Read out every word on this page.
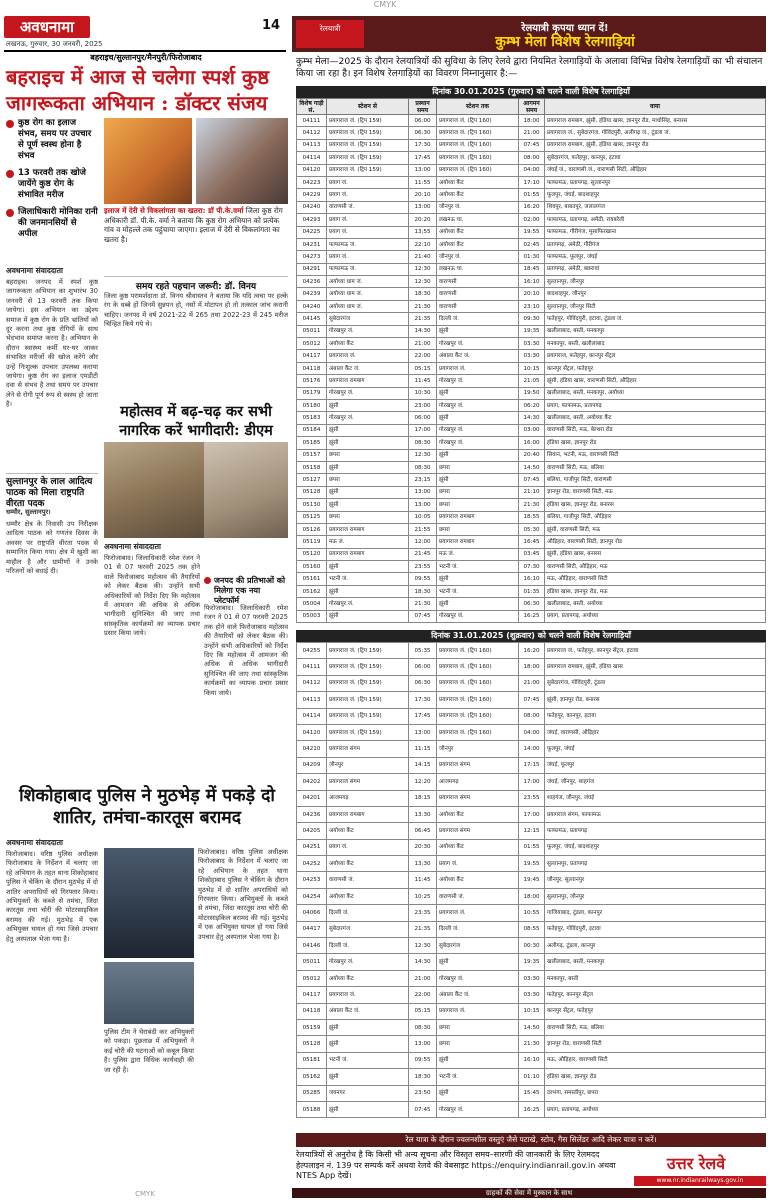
CMYK
अवधनामा
लखनऊ, गुरुवार, 30 जनवरी, 2025
14
बहराइच/सुल्तानपुर/मैनपुरी/फिरोजाबाद
बहराइच में आज से चलेगा स्पर्श कुष्ठ जागरूकता अभियान : डॉक्टर संजय
कुष्ठ रोग का इलाज संभव, समय पर उपचार से पूर्ण स्वस्थ होना है संभव
13 फरवरी तक खोजे जायेंगे कुष्ठ रोग के संभावित मरीज
जिलाधिकारी मोनिका रानी की जनमानसियों से अपील
इलाज में देरी से विकलांगता का खतरा: डॉ पी.के.वर्मा जिला कुष्ठ रोग अधिकारी डॉ. पी.के. वर्मा ने बताया कि कुष्ठ रोग अभियान को प्रत्येक गांव व मोहल्ले तक पहुंचाया जाएगा। इलाज में देरी से विकलांगता का खतरा है।
अवधनामा संवाददाता
बहराइच। जनपद में स्पर्श कुष्ठ जागरूकता अभियान का शुभारंभ 30 जनवरी से 13 फरवरी तक किया जायेगा। इस अभियान का उद्देश्य समाज में कुष्ठ रोग के प्रति भ्रांतियों को दूर करना तथा कुष्ठ रोगियों के साथ भेदभाव समाप्त करना है। अभियान के दौरान स्वास्थ्य कर्मी घर-घर जाकर संभावित मरीजों की खोज करेंगे और उन्हें निःशुल्क उपचार उपलब्ध कराया जायेगा। कुष्ठ रोग का इलाज एमडीटी दवा से संभव है तथा समय पर उपचार लेने से रोगी पूर्ण रूप से स्वस्थ हो जाता है।
समय रहते पहचान जरूरी: डॉ. विनय
जिला कुष्ठ परामर्शदाता डॉ. विनय श्रीवास्तव ने बताया कि यदि त्वचा पर हल्के रंग के धब्बे हों जिनमें सुन्नपन हो, नसों में मोटापन हो तो तत्काल जांच करानी चाहिए। जनपद में वर्ष 2021-22 में 265 तथा 2022-23 में 245 मरीज चिन्हित किये गये थे।
सुल्तानपुर के लाल आदित्य पाठक को मिला राष्ट्रपति वीरता पदक
धम्मौर, सुल्तानपुर।
धम्मौर क्षेत्र के निवासी उप निरीक्षक आदित्य पाठक को गणतंत्र दिवस के अवसर पर राष्ट्रपति वीरता पदक से सम्मानित किया गया। क्षेत्र में खुशी का माहौल है और ग्रामीणों ने उनके परिजनों को बधाई दी।
महोत्सव में बढ़-चढ़ कर सभी नागरिक करें भागीदारी: डीएम
अवधनामा संवाददाता
फिरोजाबाद। जिलाधिकारी रमेश रंजन ने 01 से 07 फरवरी 2025 तक होने वाले फिरोजाबाद महोत्सव की तैयारियों को लेकर बैठक की। उन्होंने सभी अधिकारियों को निर्देश दिए कि महोत्सव में आमजन की अधिक से अधिक भागीदारी सुनिश्चित की जाए तथा सांस्कृतिक कार्यक्रमों का व्यापक प्रचार प्रसार किया जाये।
जनपद की प्रतिभाओं को मिलेगा एक नया प्लेटफॉर्म
फिरोजाबाद। जिलाधिकारी रमेश रंजन ने 01 से 07 फरवरी 2025 तक होने वाले फिरोजाबाद महोत्सव की तैयारियों को लेकर बैठक की। उन्होंने सभी अधिकारियों को निर्देश दिए कि महोत्सव में आमजन की अधिक से अधिक भागीदारी सुनिश्चित की जाए तथा सांस्कृतिक कार्यक्रमों का व्यापक प्रचार प्रसार किया जाये।
शिकोहाबाद पुलिस ने मुठभेड़ में पकड़े दो शातिर, तमंचा-कारतूस बरामद
अवधनामा संवाददाता
फिरोजाबाद। वरिष्ठ पुलिस अधीक्षक फिरोजाबाद के निर्देशन में चलाए जा रहे अभियान के तहत थाना शिकोहाबाद पुलिस ने चेकिंग के दौरान मुठभेड़ में दो शातिर अपराधियों को गिरफ्तार किया। अभियुक्तों के कब्जे से तमंचा, जिंदा कारतूस तथा चोरी की मोटरसाइकिल बरामद की गई। मुठभेड़ में एक अभियुक्त घायल हो गया जिसे उपचार हेतु अस्पताल भेजा गया है।
पुलिस टीम ने घेराबंदी कर अभियुक्तों को पकड़ा। पूछताछ में अभियुक्तों ने कई चोरी की घटनाओं को कबूल किया है। पुलिस द्वारा विधिक कार्यवाही की जा रही है।
फिरोजाबाद। वरिष्ठ पुलिस अधीक्षक फिरोजाबाद के निर्देशन में चलाए जा रहे अभियान के तहत थाना शिकोहाबाद पुलिस ने चेकिंग के दौरान मुठभेड़ में दो शातिर अपराधियों को गिरफ्तार किया। अभियुक्तों के कब्जे से तमंचा, जिंदा कारतूस तथा चोरी की मोटरसाइकिल बरामद की गई। मुठभेड़ में एक अभियुक्त घायल हो गया जिसे उपचार हेतु अस्पताल भेजा गया है।
CMYK
रेलयात्री	रेलयात्री कृपया ध्यान दें!
कुम्भ मेला विशेष रेलगाड़ियां
कुम्भ मेला—2025 के दौरान रेलयात्रियों की सुविधा के लिए रेलवे द्वारा नियमित रेलगाड़ियों के अलावा विभिन्न विशेष रेलगाड़ियों का भी संचालन किया जा रहा है। इन विशेष रेलगाड़ियों का विवरण निम्नानुसार है:—
दिनांक 30.01.2025 (गुरुवार) को चलने वाली विशेष रेलगाड़ियाँ
विशेष गाड़ी सं.	स्टेशन से	प्रस्थान समय	स्टेशन तक	आगमन समय	वाया
04111	प्रयागराज जं. (ट्रिप 159)	06:00	प्रयागराज जं. (ट्रिप 160)	18:00	प्रयागराज रामबाग, झूंसी, हंडिया खास, ज्ञानपुर रोड, माधोसिंह, बनारस
04112	प्रयागराज जं. (ट्रिप 159)	06:30	प्रयागराज जं. (ट्रिप 160)	21:00	प्रयागराज जं., सुबेदारगंज, गोविंदपुरी, अलीगढ़ जं., टूंडला जं.
04113	प्रयागराज जं. (ट्रिप 159)	17:30	प्रयागराज जं. (ट्रिप 160)	07:45	प्रयागराज रामबाग, झूंसी, हंडिया खास, ज्ञानपुर रोड
04114	प्रयागराज जं. (ट्रिप 159)	17:45	प्रयागराज जं. (ट्रिप 160)	08:00	सुबेदारगंज, फतेहपुर, कानपुर, इटावा
04120	प्रयागराज जं. (ट्रिप 159)	13:00	प्रयागराज जं. (ट्रिप 160)	04:00	जंघई जं., वाराणसी जं., वाराणसी सिटी, औड़िहार
04223	प्रयाग जं.	11:55	अयोध्या कैंट	17:10	फाफामऊ, प्रतापगढ़, सुल्तानपुर
04229	प्रयाग जं.	20:10	अयोध्या कैंट	01:55	फूलपुर, जंघई, बादशाहपुर
04240	वाराणसी जं.	13:00	जौनपुर जं.	16:20	शिवपुर, बाबतपुर, जलालगंज
04293	प्रयाग जं.	20:20	लखनऊ चा.	02:00	फाफामऊ, प्रतापगढ़, अमेठी, रायबरेली
04225	प्रयाग जं.	13:55	अयोध्या कैंट	19:55	फाफामऊ, गौरीगंज, मुसाफिरखाना
04231	फाफामऊ जं.	22:10	अयोध्या कैंट	02:45	प्रतापगढ़, अमेठी, गौरीगंज
04273	प्रयाग जं.	21:40	जौनपुर जं.	01:30	फाफामऊ, फूलपुर, जंघई
04291	फाफामऊ जं.	12:30	लखनऊ चा.	18:45	प्रतापगढ़, अमेठी, बछरावां
04236	अयोध्या धाम जं.	12:30	वाराणसी	16:10	सुल्तानपुर, जौनपुर
04239	अयोध्या धाम जं.	18:30	वाराणसी	20:10	बादशाहपुर, जौनपुर
04240	अयोध्या धाम जं.	21:30	वाराणसी	23:10	सुल्तानपुर, जौनपुर सिटी
04145	सुबेदारगंज	21:35	दिल्ली जं.	09:30	फतेहपुर, गोविंदपुरी, इटावा, टूंडला जं.
05011	गोरखपुर जं.	14:30	झूंसी	19:35	खलीलाबाद, बस्ती, मनकापुर
05012	अयोध्या कैंट	21:00	गोरखपुर जं.	03:30	मनकापुर, बस्ती, खलीलाबाद
04117	प्रयागराज जं.	22:00	अंबाला कैंट जं.	03:30	प्रयागराज, फतेहपुर, कानपुर सेंट्रल
04118	अंबाला कैंट जं.	05:15	प्रयागराज जं.	10:15	कानपुर सेंट्रल, फतेहपुर
05176	प्रयागराज रामबाग	11:45	गोरखपुर जं.	21:05	झूंसी, हंडिया खास, वाराणसी सिटी, औड़िहार
05179	गोरखपुर जं.	10:30	झूंसी	19:50	खलीलाबाद, बस्ती, मनकापुर, अयोध्या
05180	झूंसी	23:00	गोरखपुर जं.	06:20	प्रयाग, फाफामऊ, प्रतापगढ़
05183	गोरखपुर जं.	06:00	झूंसी	14:30	खलीलाबाद, बस्ती, अयोध्या कैंट
05184	झूंसी	17:00	गोरखपुर जं.	03:00	वाराणसी सिटी, मऊ, बेल्थरा रोड
05185	झूंसी	08:30	गोरखपुर जं.	16:00	हंडिया खास, ज्ञानपुर रोड
05157	छपरा	12:30	झूंसी	20:40	सिवान, भटनी, मऊ, वाराणसी सिटी
05158	झूंसी	08:30	छपरा	14:50	वाराणसी सिटी, मऊ, बलिया
05127	छपरा	23:15	झूंसी	07:45	बलिया, गाजीपुर सिटी, वाराणसी
05128	झूंसी	13:00	छपरा	21:10	ज्ञानपुर रोड, वाराणसी सिटी, मऊ
05130	झूंसी	13:00	छपरा	21:30	हंडिया खास, ज्ञानपुर रोड, बनारस
05125	छपरा	10:05	प्रयागराज रामबाग	18:55	बलिया, गाजीपुर सिटी, औड़िहार
05126	प्रयागराज रामबाग	21:55	छपरा	05:30	झूंसी, वाराणसी सिटी, मऊ
05119	मऊ जं.	12:00	प्रयागराज रामबाग	16:45	औड़िहार, वाराणसी सिटी, ज्ञानपुर रोड
05120	प्रयागराज रामबाग	21:45	मऊ जं.	03:45	झूंसी, हंडिया खास, बनारस
05160	झूंसी	23:55	भटनी जं.	07:30	वाराणसी सिटी, औड़िहार, मऊ
05161	भटनी जं.	09:55	झूंसी	16:10	मऊ, औड़िहार, वाराणसी सिटी
05162	झूंसी	18:30	भटनी जं.	01:35	हंडिया खास, ज्ञानपुर रोड, मऊ
05004	गोरखपुर जं.	21:30	झूंसी	06:30	खलीलाबाद, बस्ती, अयोध्या
05003	झूंसी	07:45	गोरखपुर जं.	16:25	प्रयाग, प्रतापगढ़, अयोध्या
दिनांक 31.01.2025 (शुक्रवार) को चलने वाली विशेष रेलगाड़ियाँ
04255	प्रयागराज जं. (ट्रिप 159)	05:35	प्रयागराज जं. (ट्रिप 160)	16:20	प्रयागराज जं., फतेहपुर, कानपुर सेंट्रल, इटावा
04111	प्रयागराज जं. (ट्रिप 159)	06:00	प्रयागराज जं. (ट्रिप 160)	18:00	प्रयागराज रामबाग, झूंसी, हंडिया खास
04112	प्रयागराज जं. (ट्रिप 159)	06:30	प्रयागराज जं. (ट्रिप 160)	21:00	सुबेदारगंज, गोविंदपुरी, टूंडला
04113	प्रयागराज जं. (ट्रिप 159)	17:30	प्रयागराज जं. (ट्रिप 160)	07:45	झूंसी, ज्ञानपुर रोड, बनारस
04114	प्रयागराज जं. (ट्रिप 159)	17:45	प्रयागराज जं. (ट्रिप 160)	08:00	फतेहपुर, कानपुर, इटावा
04120	प्रयागराज जं. (ट्रिप 159)	13:00	प्रयागराज जं. (ट्रिप 160)	04:00	जंघई, वाराणसी, औड़िहार
04210	प्रयागराज संगम	11:15	जौनपुर	14:00	फूलपुर, जंघई
04209	जौनपुर	14:15	प्रयागराज संगम	17:15	जंघई, फूलपुर
04202	प्रयागराज संगम	12:20	आजमगढ़	17:00	जंघई, जौनपुर, शाहगंज
04201	आजमगढ़	18:15	प्रयागराज संगम	23:55	शाहगंज, जौनपुर, जंघई
04236	प्रयागराज रामबाग	13:30	अयोध्या कैंट	17:00	प्रयागराज संगम, फाफामऊ
04205	अयोध्या कैंट	06:45	प्रयागराज संगम	12:15	फाफामऊ, प्रतापगढ़
04251	प्रयाग जं.	20:30	अयोध्या कैंट	01:55	फूलपुर, जंघई, बादशाहपुर
04252	अयोध्या कैंट	13:30	प्रयाग जं.	19:55	सुल्तानपुर, प्रतापगढ़
04253	वाराणसी जं.	11:45	अयोध्या कैंट	19:45	जौनपुर, सुल्तानपुर
04254	अयोध्या कैंट	10:25	वाराणसी जं.	18:00	सुल्तानपुर, जौनपुर
04066	दिल्ली जं.	23:35	प्रयागराज जं.	10:55	गाजियाबाद, टूंडला, कानपुर
04417	सुबेदारगंज	21:35	दिल्ली जं.	08:55	फतेहपुर, गोविंदपुरी, इटावा
04146	दिल्ली जं.	12:30	सुबेदारगंज	00:30	अलीगढ़, टूंडला, कानपुर
05011	गोरखपुर जं.	14:30	झूंसी	19:35	खलीलाबाद, बस्ती, मनकापुर
05012	अयोध्या कैंट	21:00	गोरखपुर जं.	03:30	मनकापुर, बस्ती
04117	प्रयागराज जं.	22:00	अंबाला कैंट जं.	03:30	फतेहपुर, कानपुर सेंट्रल
04118	अंबाला कैंट जं.	05:15	प्रयागराज जं.	10:15	कानपुर सेंट्रल, फतेहपुर
05159	झूंसी	08:30	छपरा	14:50	वाराणसी सिटी, मऊ, बलिया
05128	झूंसी	13:00	छपरा	21:30	ज्ञानपुर रोड, वाराणसी सिटी
05181	भटनी जं.	09:55	झूंसी	16:10	मऊ, औड़िहार, वाराणसी सिटी
05162	झूंसी	18:30	भटनी जं.	01:10	हंडिया खास, ज्ञानपुर रोड
05285	जयनगर	23:50	झूंसी	15:45	दरभंगा, समस्तीपुर, छपरा
05188	झूंसी	07:45	गोरखपुर जं.	16:25	प्रयाग, प्रतापगढ़, अयोध्या
रेल यात्रा के दौरान ज्वलनशील वस्तुएं जैसे पटाखे, स्टोव, गैस सिलेंडर आदि लेकर यात्रा न करें।
रेलयात्रियों से अनुरोध है कि किसी भी अन्य सूचना और विस्तृत समय–सारणी की जानकारी के लिए रेलमदद हेल्पलाइन नं. 139 पर सम्पर्क करें अथवा रेलवे की वेबसाइट https://enquiry.indianrail.gov.in अथवा NTES App देखें।
उत्तर रेलवे
www.nr.indianrailways.gov.in
ग्राहकों की सेवा में मुस्कान के साथ
